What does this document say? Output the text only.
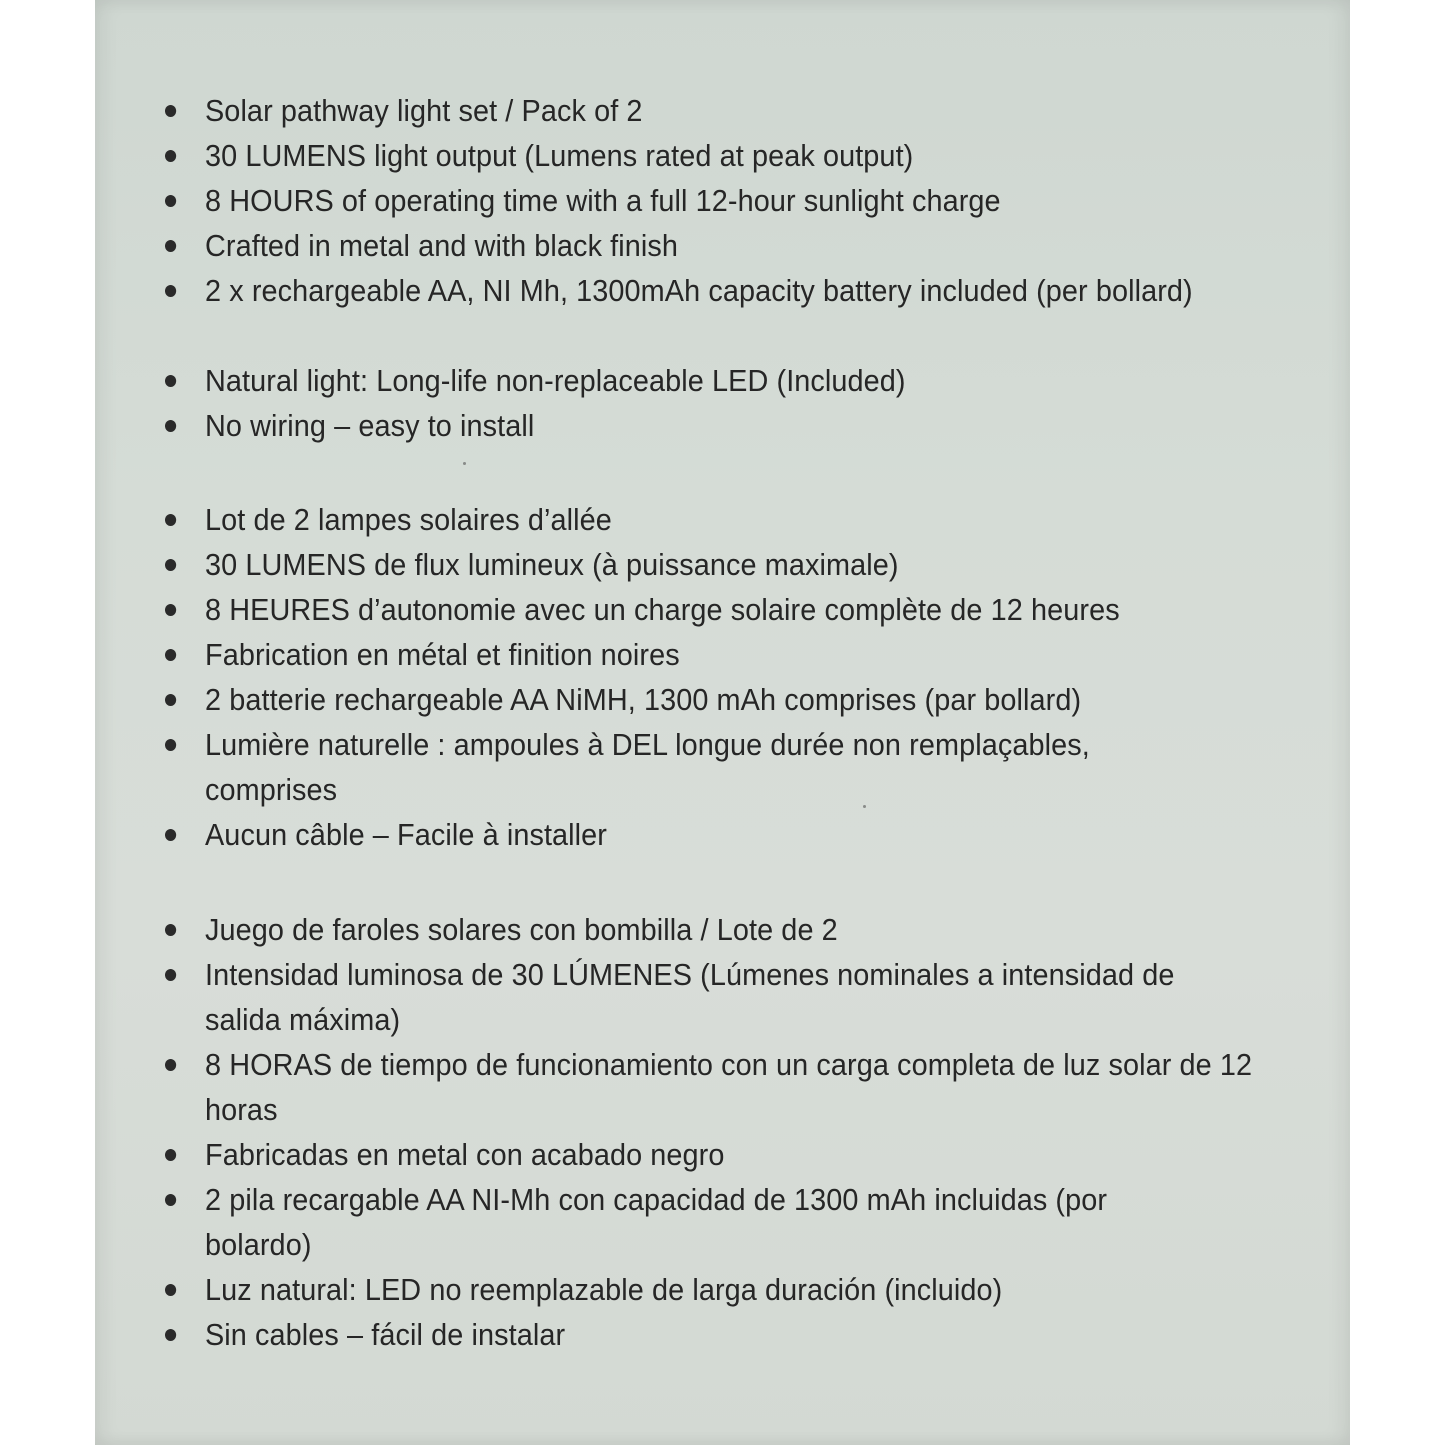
Solar pathway light set / Pack of 2
30 LUMENS light output (Lumens rated at peak output)
8 HOURS of operating time with a full 12-hour sunlight charge
Crafted in metal and with black finish
2 x rechargeable AA, NI Mh, 1300mAh capacity battery included (per bollard)
Natural light: Long-life non-replaceable LED (Included)
No wiring – easy to install
Lot de 2 lampes solaires d’allée
30 LUMENS de flux lumineux (à puissance maximale)
8 HEURES d’autonomie avec un charge solaire complète de 12 heures
Fabrication en métal et finition noires
2 batterie rechargeable AA NiMH, 1300 mAh comprises (par bollard)
Lumière naturelle : ampoules à DEL longue durée non remplaçables, comprises
Aucun câble – Facile à installer
Juego de faroles solares con bombilla / Lote de 2
Intensidad luminosa de 30 LÚMENES (Lúmenes nominales a intensidad de salida máxima)
8 HORAS de tiempo de funcionamiento con un carga completa de luz solar de 12 horas
Fabricadas en metal con acabado negro
2 pila recargable AA NI-Mh con capacidad de 1300 mAh incluidas (por bolardo)
Luz natural: LED no reemplazable de larga duración (incluido)
Sin cables – fácil de instalar
